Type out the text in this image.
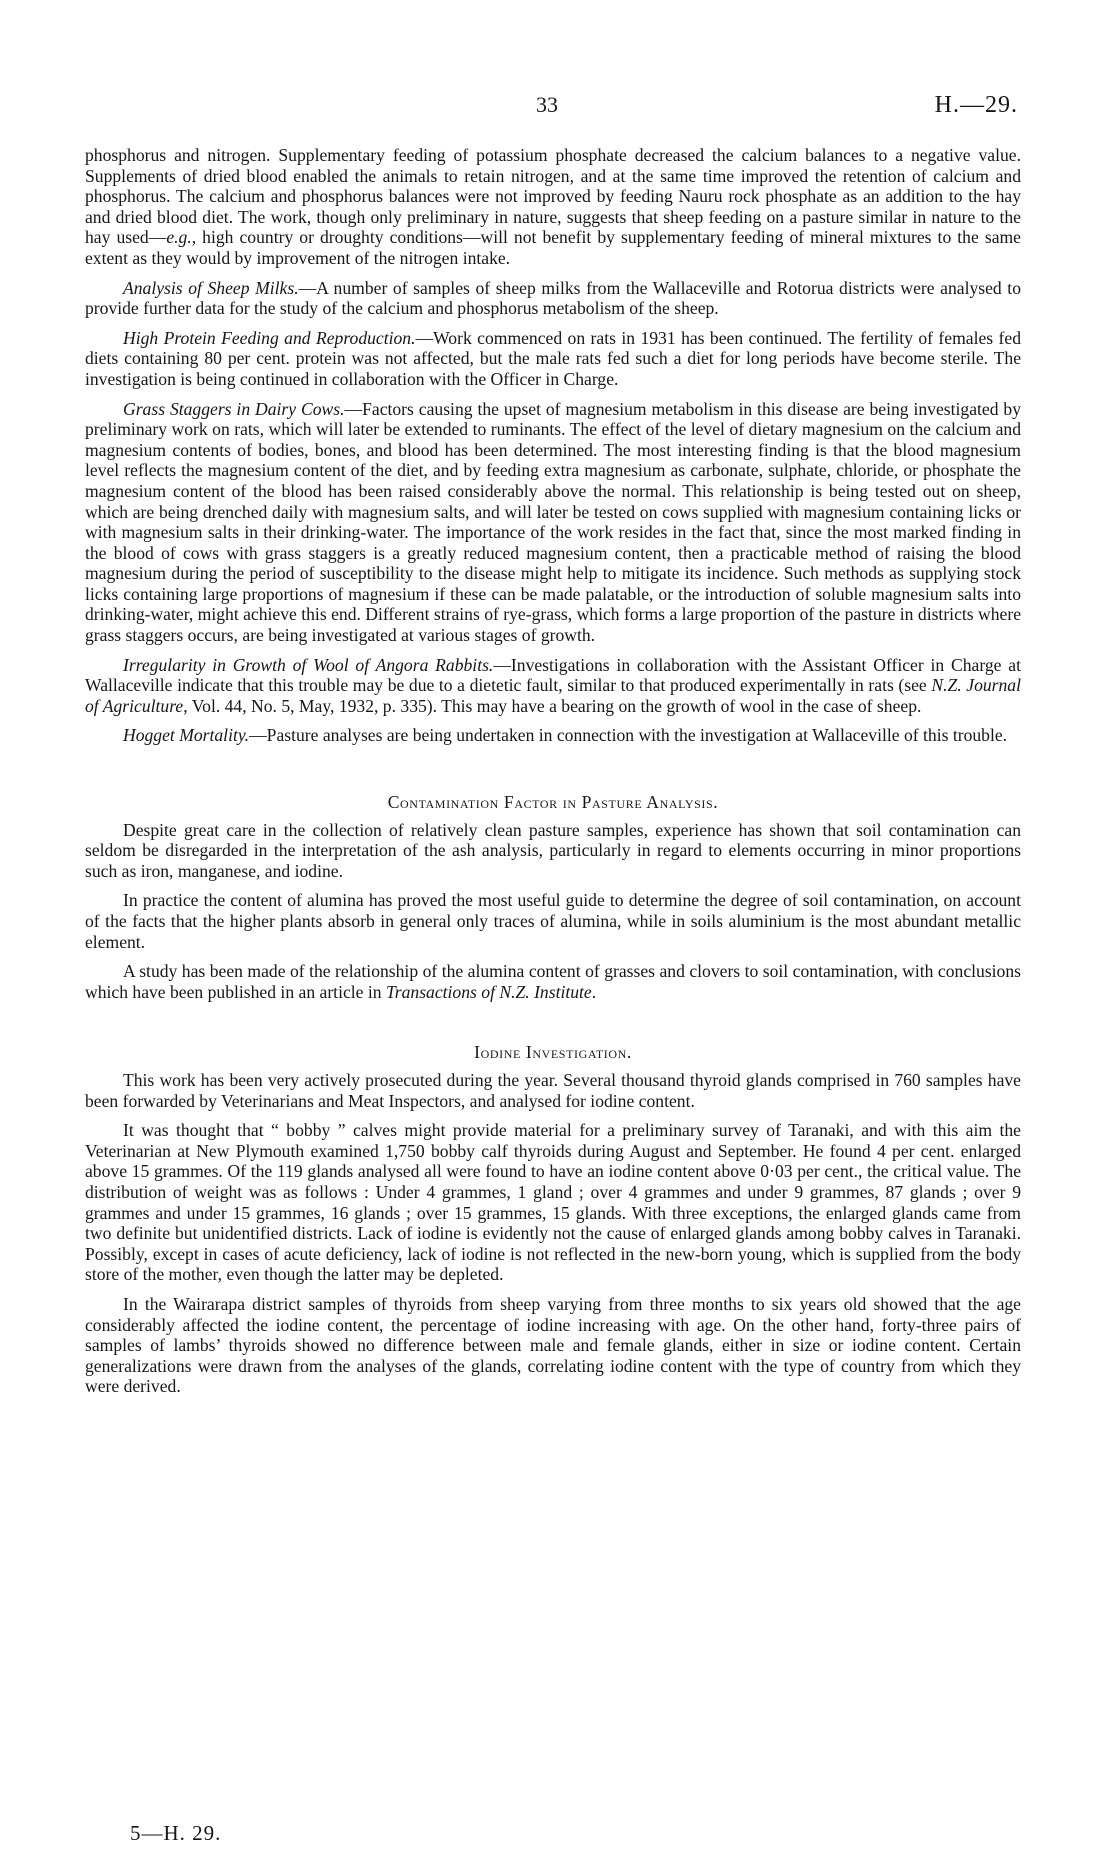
33	H.—29.

phosphorus and nitrogen. Supplementary feeding of potassium phosphate decreased the calcium balances to a negative value. Supplements of dried blood enabled the animals to retain nitrogen, and at the same time improved the retention of calcium and phosphorus. The calcium and phosphorus balances were not improved by feeding Nauru rock phosphate as an addition to the hay and dried blood diet. The work, though only preliminary in nature, suggests that sheep feeding on a pasture similar in nature to the hay used—e.g., high country or droughty conditions—will not benefit by supplementary feeding of mineral mixtures to the same extent as they would by improvement of the nitrogen intake.

Analysis of Sheep Milks.—A number of samples of sheep milks from the Wallaceville and Rotorua districts were analysed to provide further data for the study of the calcium and phosphorus metabolism of the sheep.

High Protein Feeding and Reproduction.—Work commenced on rats in 1931 has been continued. The fertility of females fed diets containing 80 per cent. protein was not affected, but the male rats fed such a diet for long periods have become sterile. The investigation is being continued in collaboration with the Officer in Charge.

Grass Staggers in Dairy Cows.—Factors causing the upset of magnesium metabolism in this disease are being investigated by preliminary work on rats, which will later be extended to ruminants. The effect of the level of dietary magnesium on the calcium and magnesium contents of bodies, bones, and blood has been determined. The most interesting finding is that the blood magnesium level reflects the magnesium content of the diet, and by feeding extra magnesium as carbonate, sulphate, chloride, or phosphate the magnesium content of the blood has been raised considerably above the normal. This relationship is being tested out on sheep, which are being drenched daily with magnesium salts, and will later be tested on cows supplied with magnesium containing licks or with magnesium salts in their drinking-water. The importance of the work resides in the fact that, since the most marked finding in the blood of cows with grass staggers is a greatly reduced magnesium content, then a practicable method of raising the blood magnesium during the period of susceptibility to the disease might help to mitigate its incidence. Such methods as supplying stock licks containing large proportions of magnesium if these can be made palatable, or the introduction of soluble magnesium salts into drinking-water, might achieve this end. Different strains of rye-grass, which forms a large proportion of the pasture in districts where grass staggers occurs, are being investigated at various stages of growth.

Irregularity in Growth of Wool of Angora Rabbits.—Investigations in collaboration with the Assistant Officer in Charge at Wallaceville indicate that this trouble may be due to a dietetic fault, similar to that produced experimentally in rats (see N.Z. Journal of Agriculture, Vol. 44, No. 5, May, 1932, p. 335). This may have a bearing on the growth of wool in the case of sheep.

Hogget Mortality.—Pasture analyses are being undertaken in connection with the investigation at Wallaceville of this trouble.

Contamination Factor in Pasture Analysis.

Despite great care in the collection of relatively clean pasture samples, experience has shown that soil contamination can seldom be disregarded in the interpretation of the ash analysis, particularly in regard to elements occurring in minor proportions such as iron, manganese, and iodine.

In practice the content of alumina has proved the most useful guide to determine the degree of soil contamination, on account of the facts that the higher plants absorb in general only traces of alumina, while in soils aluminium is the most abundant metallic element.

A study has been made of the relationship of the alumina content of grasses and clovers to soil contamination, with conclusions which have been published in an article in Transactions of N.Z. Institute.

Iodine Investigation.

This work has been very actively prosecuted during the year. Several thousand thyroid glands comprised in 760 samples have been forwarded by Veterinarians and Meat Inspectors, and analysed for iodine content.

It was thought that “ bobby ” calves might provide material for a preliminary survey of Taranaki, and with this aim the Veterinarian at New Plymouth examined 1,750 bobby calf thyroids during August and September. He found 4 per cent. enlarged above 15 grammes. Of the 119 glands analysed all were found to have an iodine content above 0·03 per cent., the critical value. The distribution of weight was as follows : Under 4 grammes, 1 gland ; over 4 grammes and under 9 grammes, 87 glands ; over 9 grammes and under 15 grammes, 16 glands ; over 15 grammes, 15 glands. With three exceptions, the enlarged glands came from two definite but unidentified districts. Lack of iodine is evidently not the cause of enlarged glands among bobby calves in Taranaki. Possibly, except in cases of acute deficiency, lack of iodine is not reflected in the new-born young, which is supplied from the body store of the mother, even though the latter may be depleted.

In the Wairarapa district samples of thyroids from sheep varying from three months to six years old showed that the age considerably affected the iodine content, the percentage of iodine increasing with age. On the other hand, forty-three pairs of samples of lambs’ thyroids showed no difference between male and female glands, either in size or iodine content. Certain generalizations were drawn from the analyses of the glands, correlating iodine content with the type of country from which they were derived.

5—H. 29.
